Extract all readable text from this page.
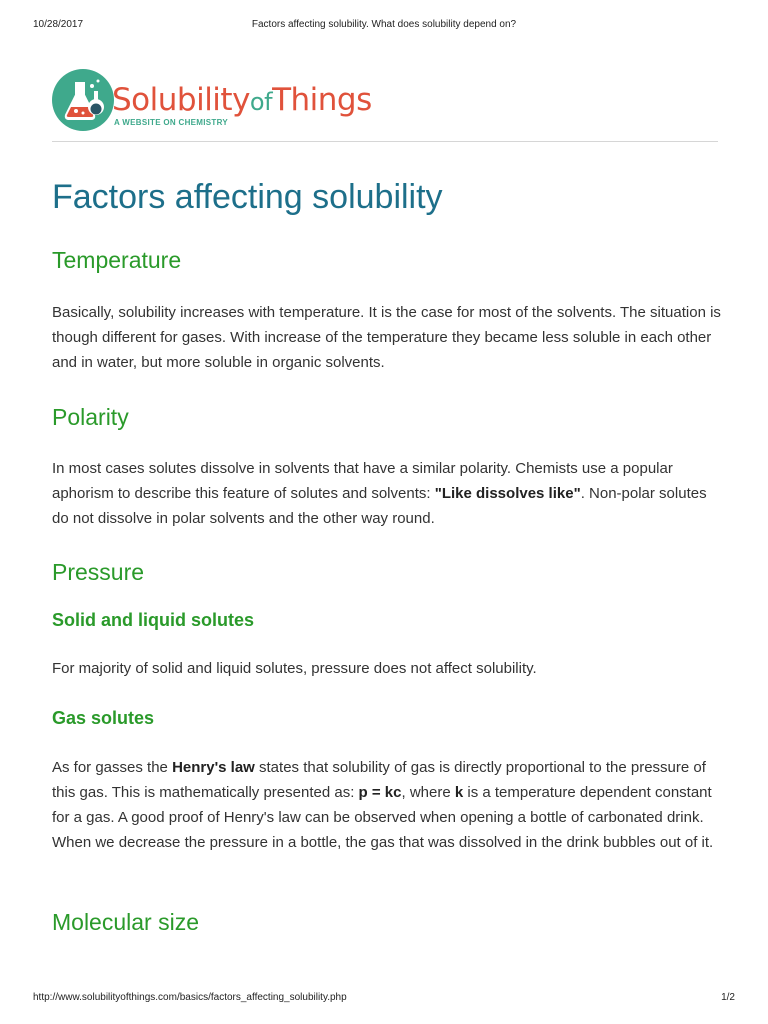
10/28/2017	Factors affecting solubility. What does solubility depend on?
SolubilityofThings
A WEBSITE ON CHEMISTRY
Factors affecting solubility
Temperature

Basically, solubility increases with temperature. It is the case for most of the solvents. The situation is though different for gases. With increase of the temperature they became less soluble in each other and in water, but more soluble in organic solvents.

Polarity

In most cases solutes dissolve in solvents that have a similar polarity. Chemists use a popular aphorism to describe this feature of solutes and solvents: "Like dissolves like". Non-polar solutes do not dissolve in polar solvents and the other way round.

Pressure
Solid and liquid solutes

For majority of solid and liquid solutes, pressure does not affect solubility.

Gas solutes

As for gasses the Henry's law states that solubility of gas is directly proportional to the pressure of this gas. This is mathematically presented as: p = kc, where k is a temperature dependent constant for a gas. A good proof of Henry's law can be observed when opening a bottle of carbonated drink. When we decrease the pressure in a bottle, the gas that was dissolved in the drink bubbles out of it.

Molecular size
http://www.solubilityofthings.com/basics/factors_affecting_solubility.php	1/2
